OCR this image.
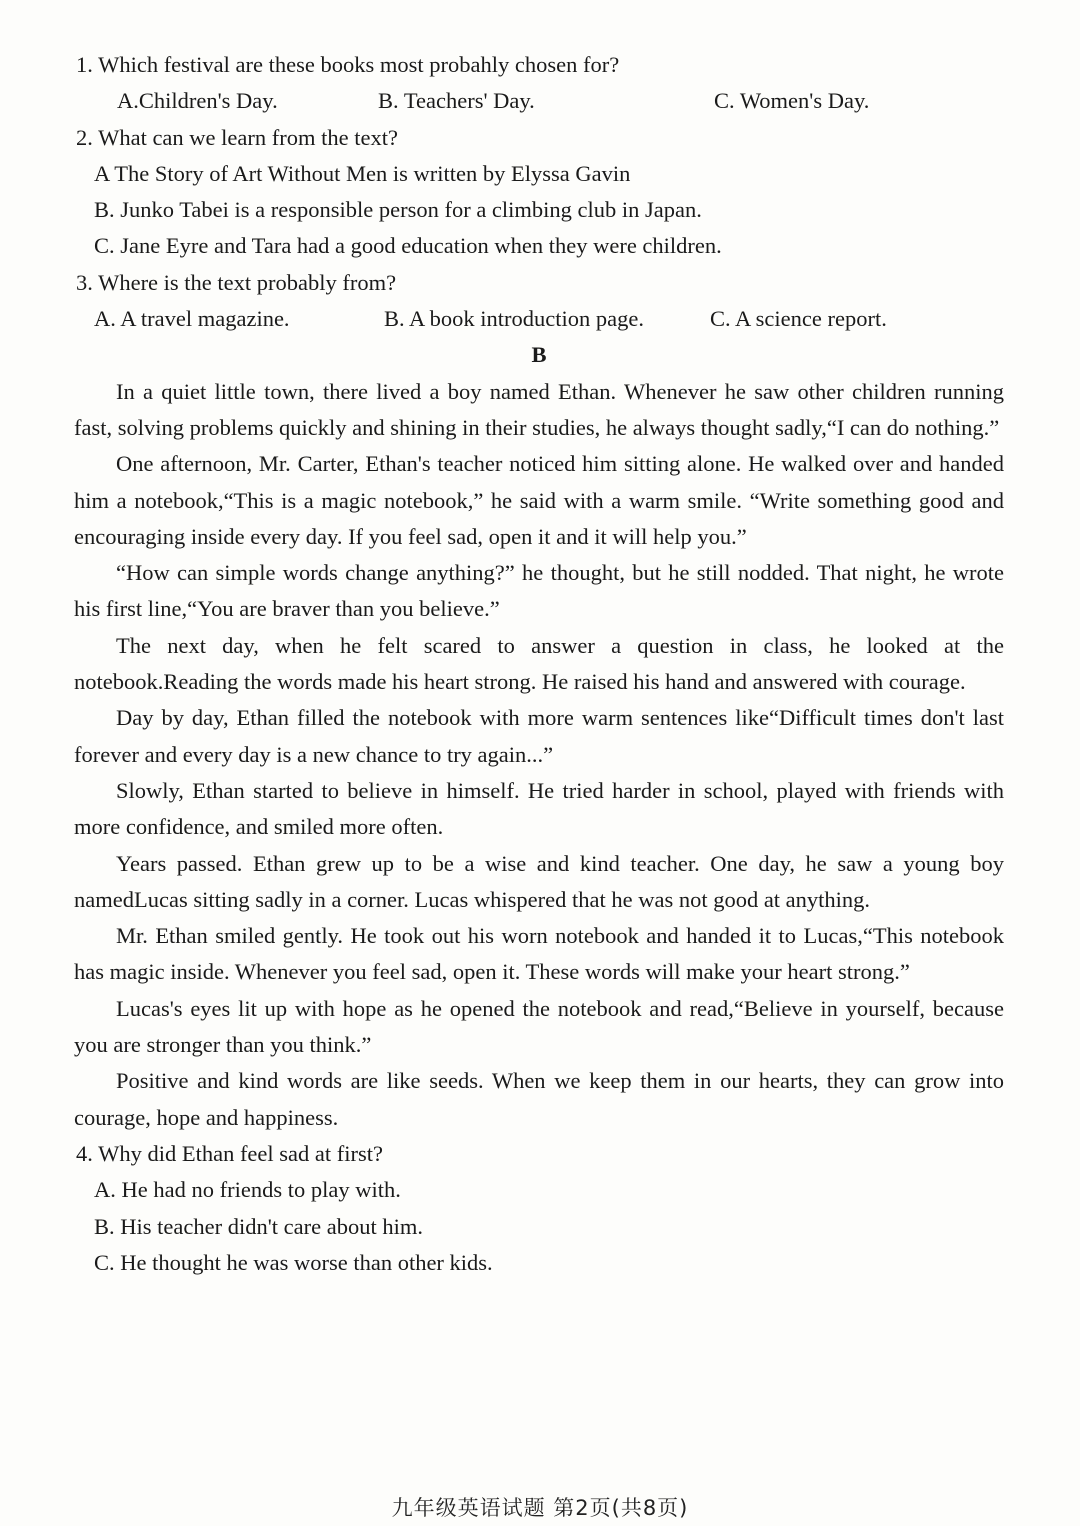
1. Which festival are these books most probahly chosen for?

A.Children's Day.	B. Teachers' Day.	C. Women's Day.

2. What can we learn from the text?

A The Story of Art Without Men is written by Elyssa Gavin

B. Junko Tabei is a responsible person for a climbing club in Japan.

C. Jane Eyre and Tara had a good education when they were children.

3. Where is the text probably from?

A. A travel magazine.	B. A book introduction page.	C. A science report.

B

In a quiet little town, there lived a boy named Ethan. Whenever he saw other children running fast, solving problems quickly and shining in their studies, he always thought sadly,“I can do nothing.”

One afternoon, Mr. Carter, Ethan's teacher noticed him sitting alone. He walked over and handed him a notebook,“This is a magic notebook,” he said with a warm smile. “Write something good and encouraging inside every day. If you feel sad, open it and it will help you.”

“How can simple words change anything?” he thought, but he still nodded. That night, he wrote his first line,“You are braver than you believe.”

The next day, when he felt scared to answer a question in class, he looked at the notebook.Reading the words made his heart strong. He raised his hand and answered with courage.

Day by day, Ethan filled the notebook with more warm sentences like“Difficult times don't last forever and every day is a new chance to try again...”

Slowly, Ethan started to believe in himself. He tried harder in school, played with friends with more confidence, and smiled more often.

Years passed. Ethan grew up to be a wise and kind teacher. One day, he saw a young boy namedLucas sitting sadly in a corner. Lucas whispered that he was not good at anything.

Mr. Ethan smiled gently. He took out his worn notebook and handed it to Lucas,“This notebook has magic inside. Whenever you feel sad, open it. These words will make your heart strong.”

Lucas's eyes lit up with hope as he opened the notebook and read,“Believe in yourself, because you are stronger than you think.”

Positive and kind words are like seeds. When we keep them in our hearts, they can grow into courage, hope and happiness.

4. Why did Ethan feel sad at first?

A. He had no friends to play with.

B. His teacher didn't care about him.

C. He thought he was worse than other kids.

九年级英语试题 第2页(共8页)
